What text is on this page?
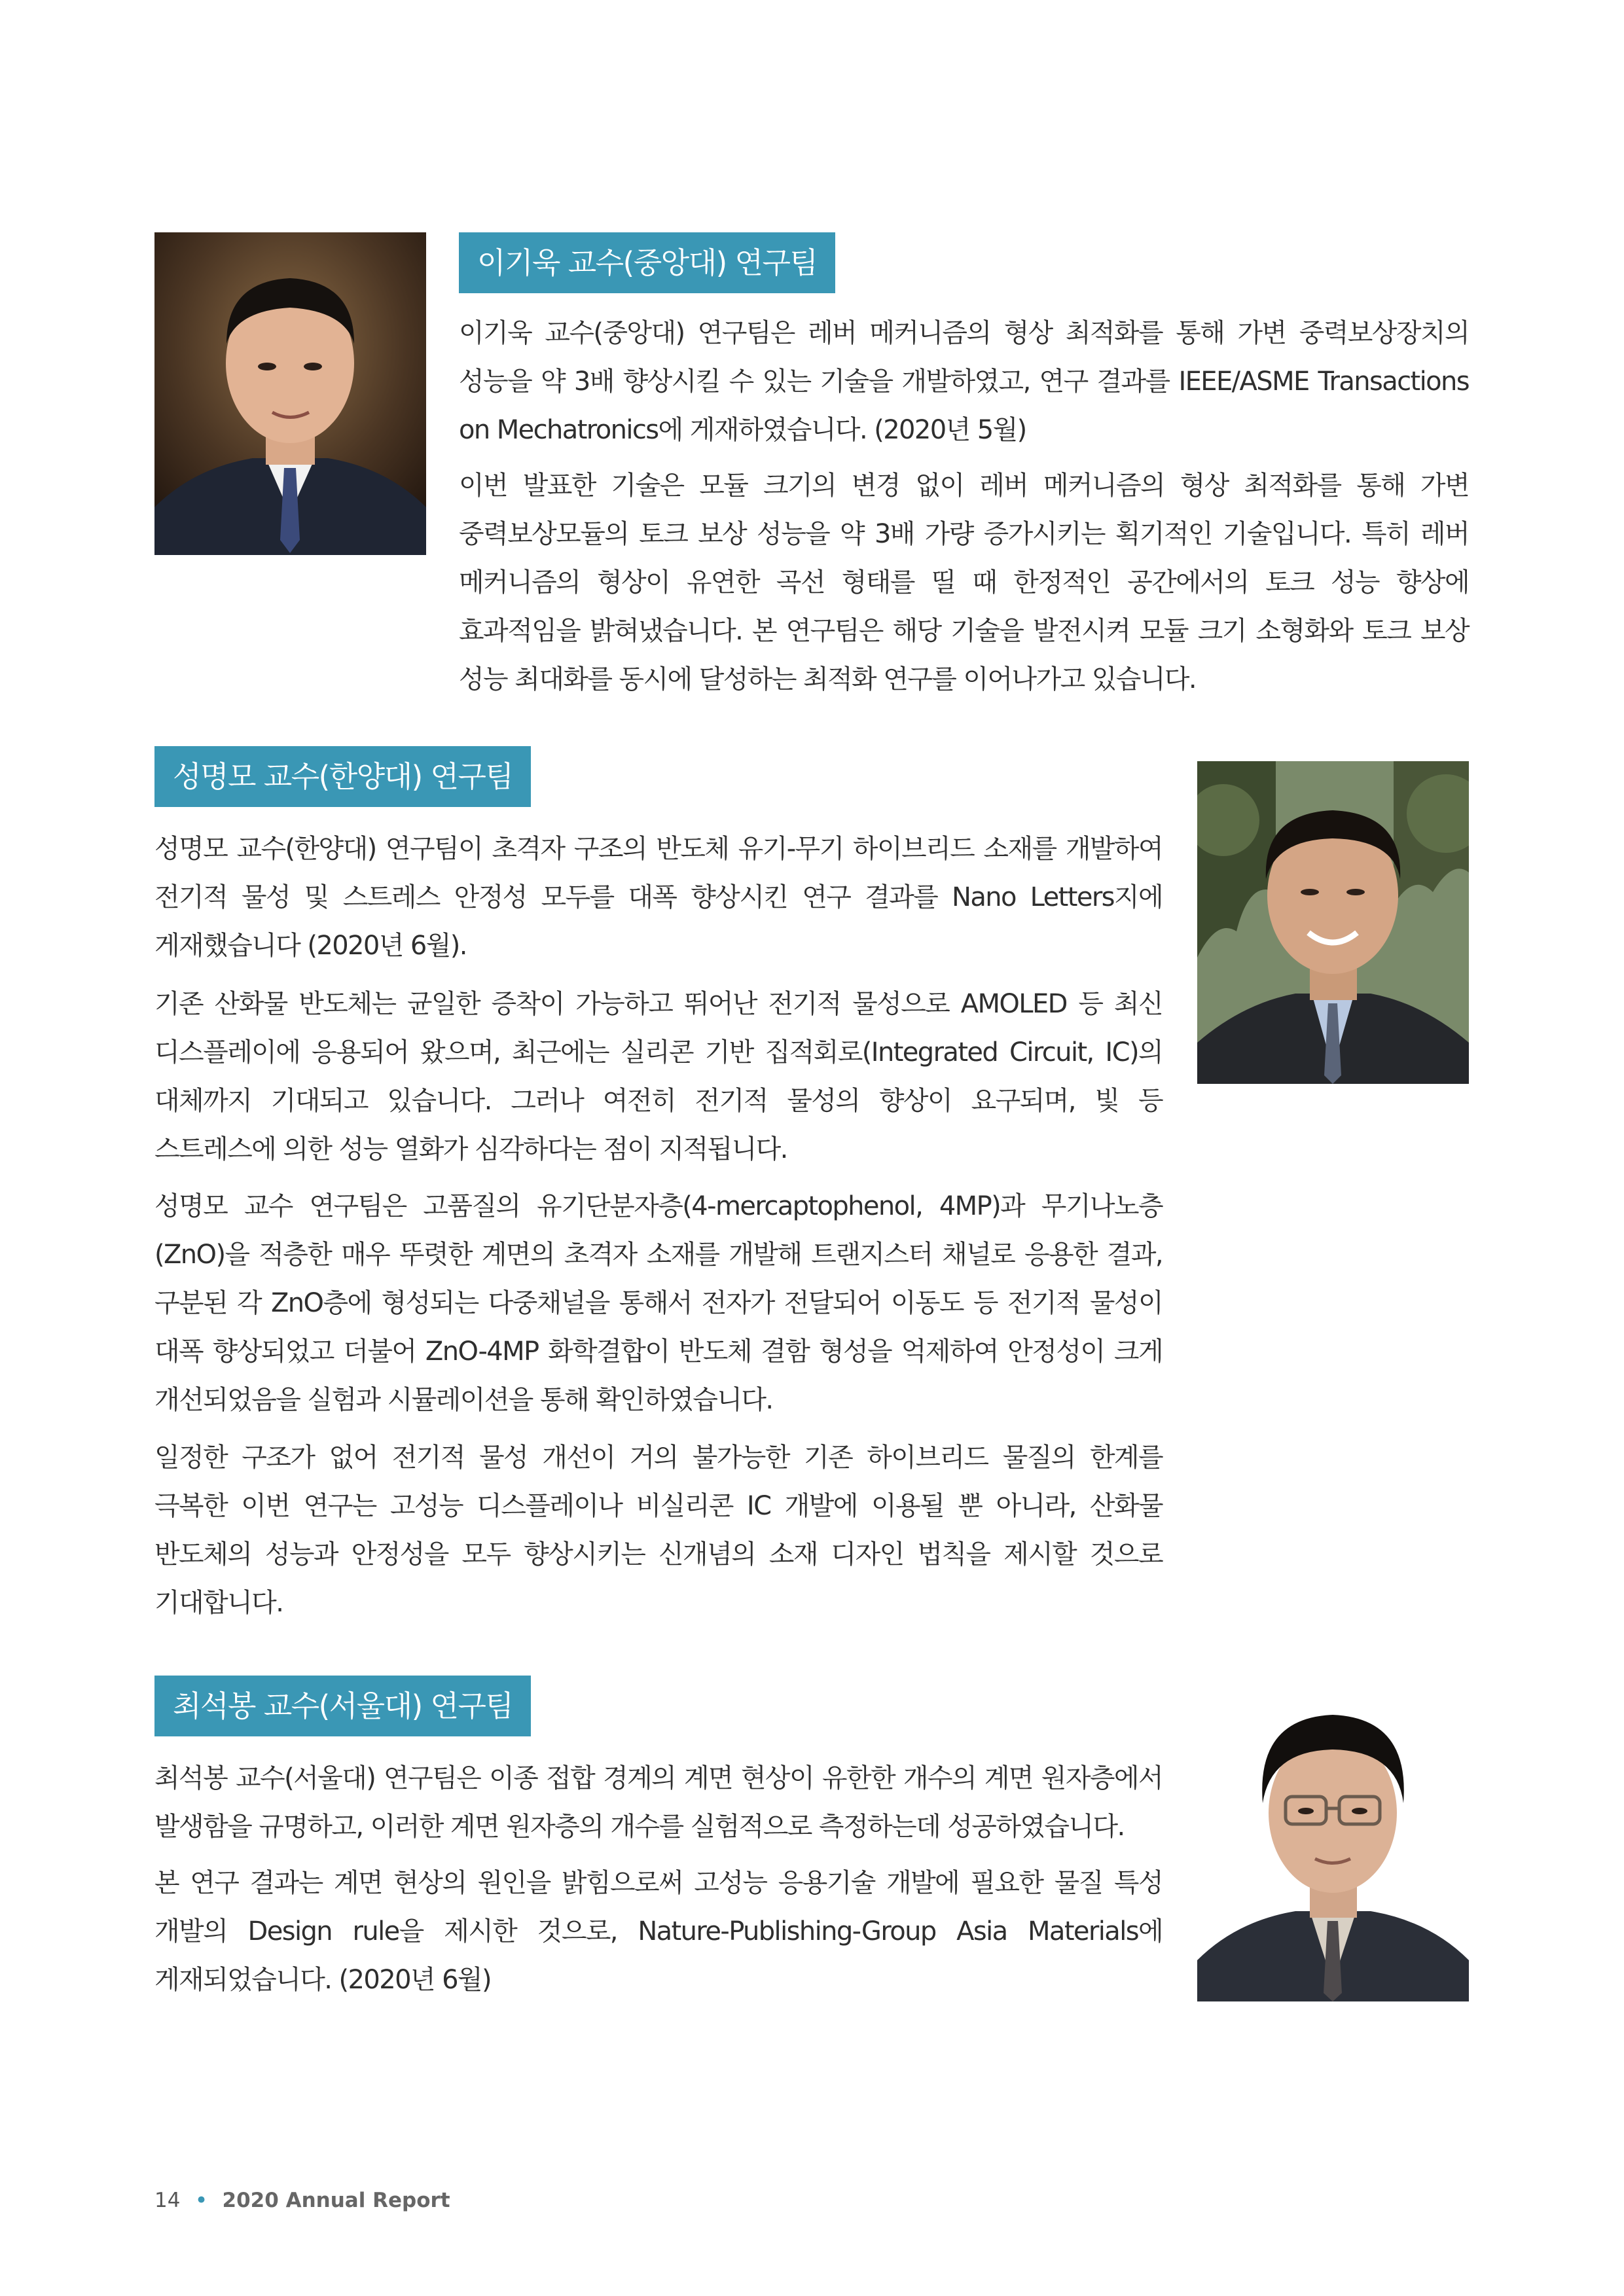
이기욱 교수(중앙대) 연구팀

이기욱 교수(중앙대) 연구팀은 레버 메커니즘의 형상 최적화를 통해 가변 중력보상장치의 성능을 약 3배 향상시킬 수 있는 기술을 개발하였고, 연구 결과를 IEEE/ASME Transactions on Mechatronics에 게재하였습니다. (2020년 5월)

이번 발표한 기술은 모듈 크기의 변경 없이 레버 메커니즘의 형상 최적화를 통해 가변 중력보상모듈의 토크 보상 성능을 약 3배 가량 증가시키는 획기적인 기술입니다. 특히 레버 메커니즘의 형상이 유연한 곡선 형태를 띨 때 한정적인 공간에서의 토크 성능 향상에 효과적임을 밝혀냈습니다. 본 연구팀은 해당 기술을 발전시켜 모듈 크기 소형화와 토크 보상 성능 최대화를 동시에 달성하는 최적화 연구를 이어나가고 있습니다.

성명모 교수(한양대) 연구팀

성명모 교수(한양대) 연구팀이 초격자 구조의 반도체 유기-무기 하이브리드 소재를 개발하여 전기적 물성 및 스트레스 안정성 모두를 대폭 향상시킨 연구 결과를 Nano Letters지에 게재했습니다 (2020년 6월).

기존 산화물 반도체는 균일한 증착이 가능하고 뛰어난 전기적 물성으로 AMOLED 등 최신 디스플레이에 응용되어 왔으며, 최근에는 실리콘 기반 집적회로(Integrated Circuit, IC)의 대체까지 기대되고 있습니다. 그러나 여전히 전기적 물성의 향상이 요구되며, 빛 등 스트레스에 의한 성능 열화가 심각하다는 점이 지적됩니다.

성명모 교수 연구팀은 고품질의 유기단분자층(4-mercaptophenol, 4MP)과 무기나노층(ZnO)을 적층한 매우 뚜렷한 계면의 초격자 소재를 개발해 트랜지스터 채널로 응용한 결과, 구분된 각 ZnO층에 형성되는 다중채널을 통해서 전자가 전달되어 이동도 등 전기적 물성이 대폭 향상되었고 더불어 ZnO-4MP 화학결합이 반도체 결함 형성을 억제하여 안정성이 크게 개선되었음을 실험과 시뮬레이션을 통해 확인하였습니다.

일정한 구조가 없어 전기적 물성 개선이 거의 불가능한 기존 하이브리드 물질의 한계를 극복한 이번 연구는 고성능 디스플레이나 비실리콘 IC 개발에 이용될 뿐 아니라, 산화물 반도체의 성능과 안정성을 모두 향상시키는 신개념의 소재 디자인 법칙을 제시할 것으로 기대합니다.

최석봉 교수(서울대) 연구팀

최석봉 교수(서울대) 연구팀은 이종 접합 경계의 계면 현상이 유한한 개수의 계면 원자층에서 발생함을 규명하고, 이러한 계면 원자층의 개수를 실험적으로 측정하는데 성공하였습니다.

본 연구 결과는 계면 현상의 원인을 밝힘으로써 고성능 응용기술 개발에 필요한 물질 특성 개발의 Design rule을 제시한 것으로, Nature-Publishing-Group Asia Materials에 게재되었습니다. (2020년 6월)

14 • 2020 Annual Report
